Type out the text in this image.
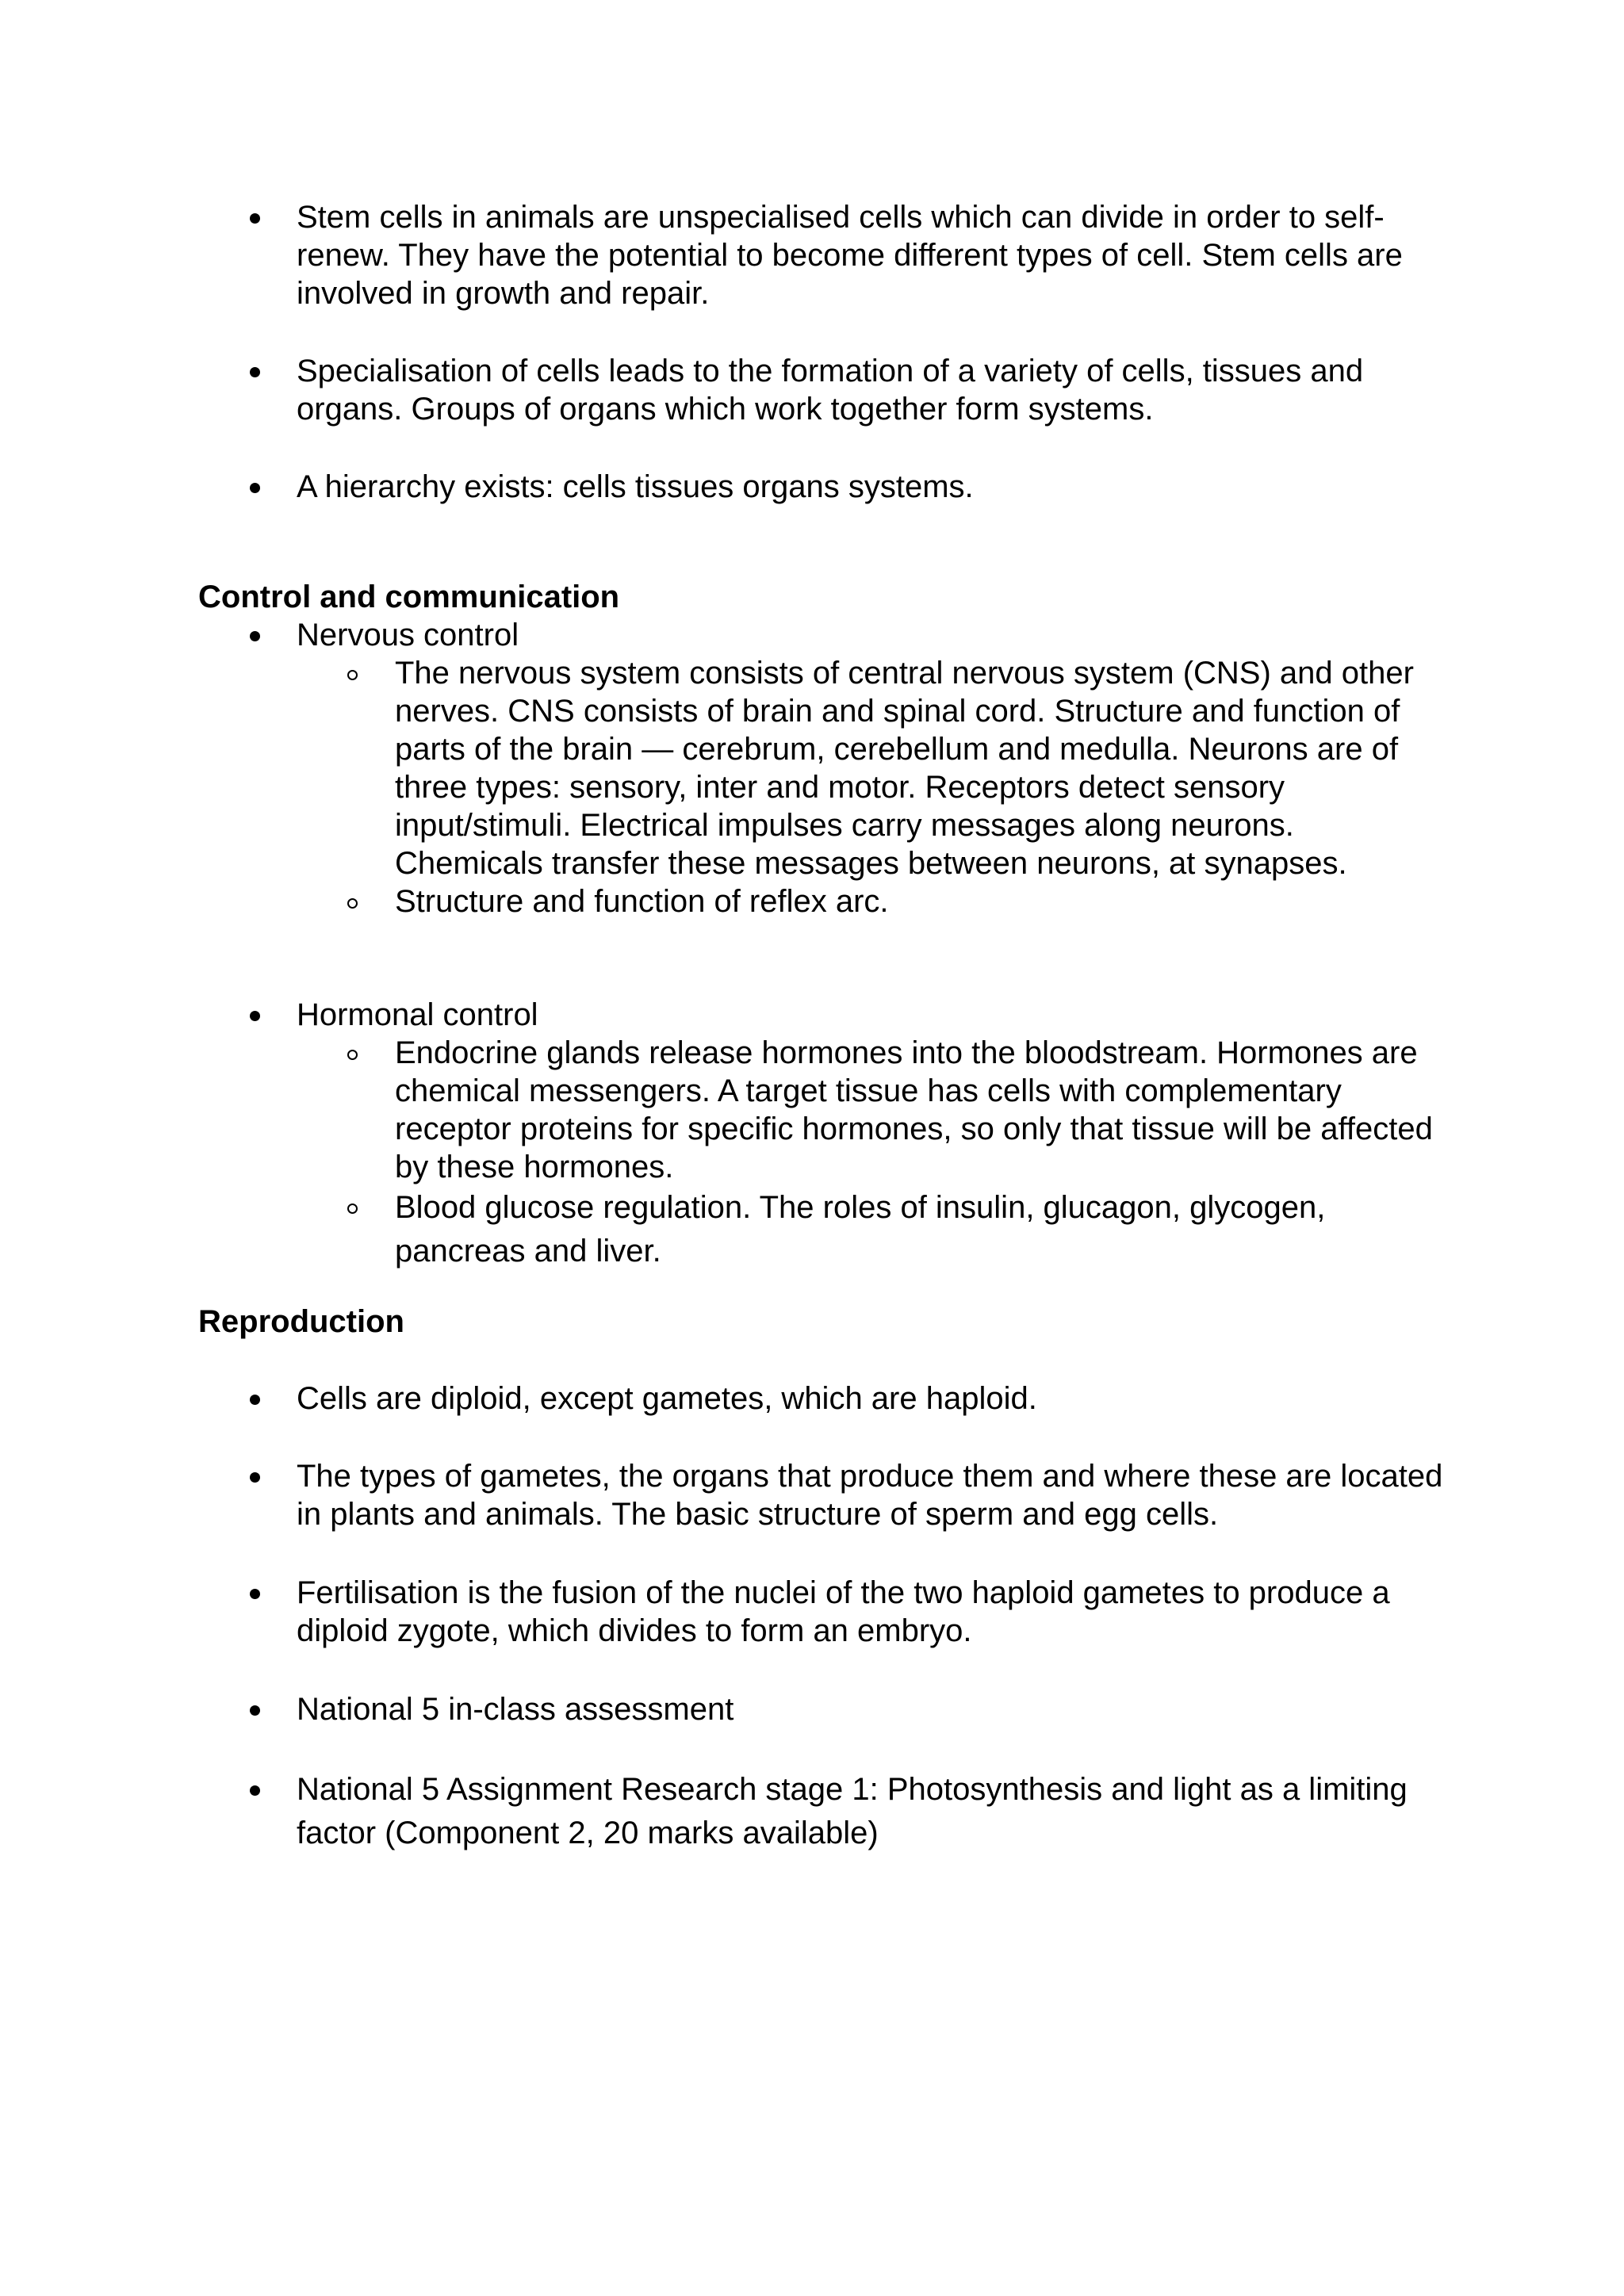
Stem cells in animals are unspecialised cells which can divide in order to self-renew. They have the potential to become different types of cell. Stem cells are involved in growth and repair.
Specialisation of cells leads to the formation of a variety of cells, tissues and organs. Groups of organs which work together form systems.
A hierarchy exists: cells tissues organs systems.
Control and communication
Nervous control
The nervous system consists of central nervous system (CNS) and other nerves. CNS consists of brain and spinal cord. Structure and function of parts of the brain — cerebrum, cerebellum and medulla. Neurons are of three types: sensory, inter and motor. Receptors detect sensory input/stimuli. Electrical impulses carry messages along neurons. Chemicals transfer these messages between neurons, at synapses.
Structure and function of reflex arc.
Hormonal control
Endocrine glands release hormones into the bloodstream. Hormones are chemical messengers. A target tissue has cells with complementary receptor proteins for specific hormones, so only that tissue will be affected by these hormones.
Blood glucose regulation. The roles of insulin, glucagon, glycogen, pancreas and liver.
Reproduction
Cells are diploid, except gametes, which are haploid.
The types of gametes, the organs that produce them and where these are located in plants and animals. The basic structure of sperm and egg cells.
Fertilisation is the fusion of the nuclei of the two haploid gametes to produce a diploid zygote, which divides to form an embryo.
National 5 in-class assessment
National 5 Assignment Research stage 1: Photosynthesis and light as a limiting factor (Component 2, 20 marks available)
